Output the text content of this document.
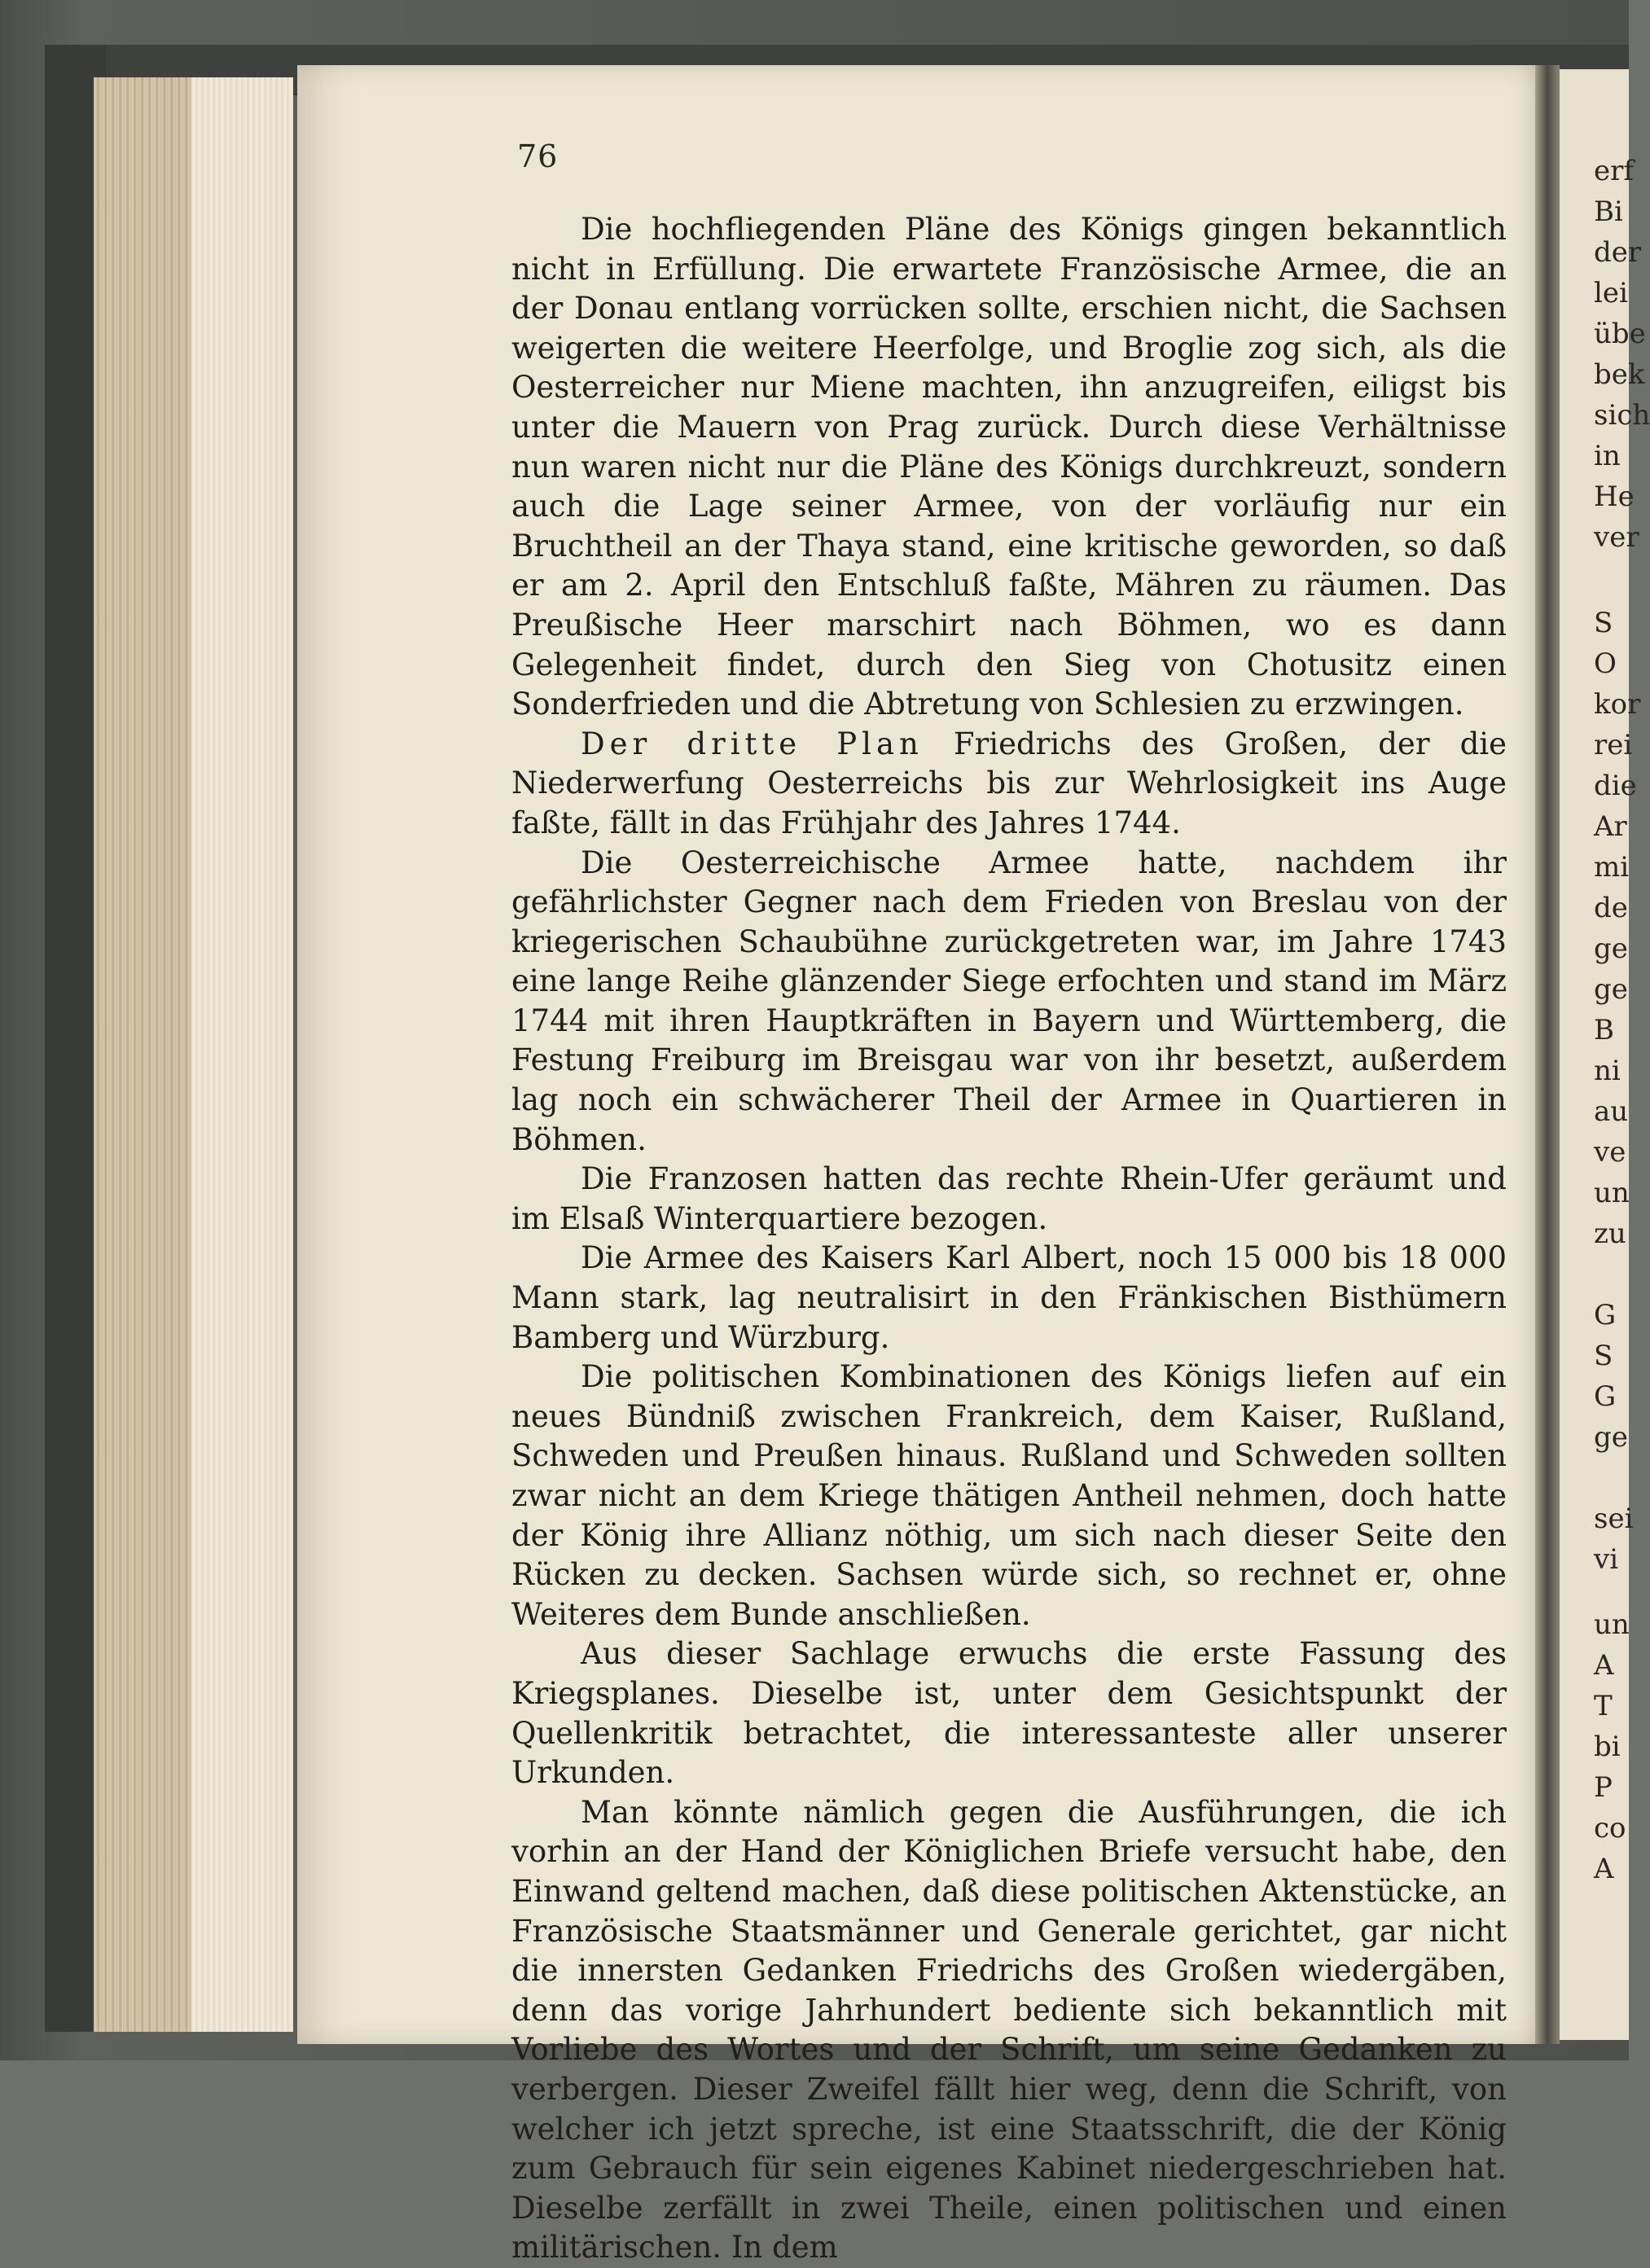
erf
Bi
der
lei
übe
bek
sich
in
He
ver
S
O
kor
rei
die
Ar
mi
de
ge
ge
B
ni
au
ve
un
zu
G
S
G
ge
sei
vi
un
A
T
bi
P
co
A
76

Die hochfliegenden Pläne des Königs gingen bekanntlich nicht in Erfüllung. Die erwartete Französische Armee, die an der Donau entlang vorrücken sollte, erschien nicht, die Sachsen weigerten die weitere Heerfolge, und Broglie zog sich, als die Oesterreicher nur Miene machten, ihn anzugreifen, eiligst bis unter die Mauern von Prag zurück. Durch diese Verhältnisse nun waren nicht nur die Pläne des Königs durchkreuzt, sondern auch die Lage seiner Armee, von der vorläufig nur ein Bruchtheil an der Thaya stand, eine kritische geworden, so daß er am 2. April den Entschluß faßte, Mähren zu räumen. Das Preußische Heer marschirt nach Böhmen, wo es dann Gelegenheit findet, durch den Sieg von Chotusitz einen Sonderfrieden und die Abtretung von Schlesien zu erzwingen.

Der dritte Plan Friedrichs des Großen, der die Niederwerfung Oesterreichs bis zur Wehrlosigkeit ins Auge faßte, fällt in das Frühjahr des Jahres 1744.

Die Oesterreichische Armee hatte, nachdem ihr gefährlichster Gegner nach dem Frieden von Breslau von der kriegerischen Schaubühne zurückgetreten war, im Jahre 1743 eine lange Reihe glänzender Siege erfochten und stand im März 1744 mit ihren Hauptkräften in Bayern und Württemberg, die Festung Freiburg im Breisgau war von ihr besetzt, außerdem lag noch ein schwächerer Theil der Armee in Quartieren in Böhmen.

Die Franzosen hatten das rechte Rhein-Ufer geräumt und im Elsaß Winterquartiere bezogen.

Die Armee des Kaisers Karl Albert, noch 15 000 bis 18 000 Mann stark, lag neutralisirt in den Fränkischen Bisthümern Bamberg und Würzburg.

Die politischen Kombinationen des Königs liefen auf ein neues Bündniß zwischen Frankreich, dem Kaiser, Rußland, Schweden und Preußen hinaus. Rußland und Schweden sollten zwar nicht an dem Kriege thätigen Antheil nehmen, doch hatte der König ihre Allianz nöthig, um sich nach dieser Seite den Rücken zu decken. Sachsen würde sich, so rechnet er, ohne Weiteres dem Bunde anschließen.

Aus dieser Sachlage erwuchs die erste Fassung des Kriegsplanes. Dieselbe ist, unter dem Gesichtspunkt der Quellenkritik betrachtet, die interessanteste aller unserer Urkunden.

Man könnte nämlich gegen die Ausführungen, die ich vorhin an der Hand der Königlichen Briefe versucht habe, den Einwand geltend machen, daß diese politischen Aktenstücke, an Französische Staatsmänner und Generale gerichtet, gar nicht die innersten Gedanken Friedrichs des Großen wiedergäben, denn das vorige Jahrhundert bediente sich bekanntlich mit Vorliebe des Wortes und der Schrift, um seine Gedanken zu verbergen. Dieser Zweifel fällt hier weg, denn die Schrift, von welcher ich jetzt spreche, ist eine Staatsschrift, die der König zum Gebrauch für sein eigenes Kabinet niedergeschrieben hat. Dieselbe zerfällt in zwei Theile, einen politischen und einen militärischen. In dem
